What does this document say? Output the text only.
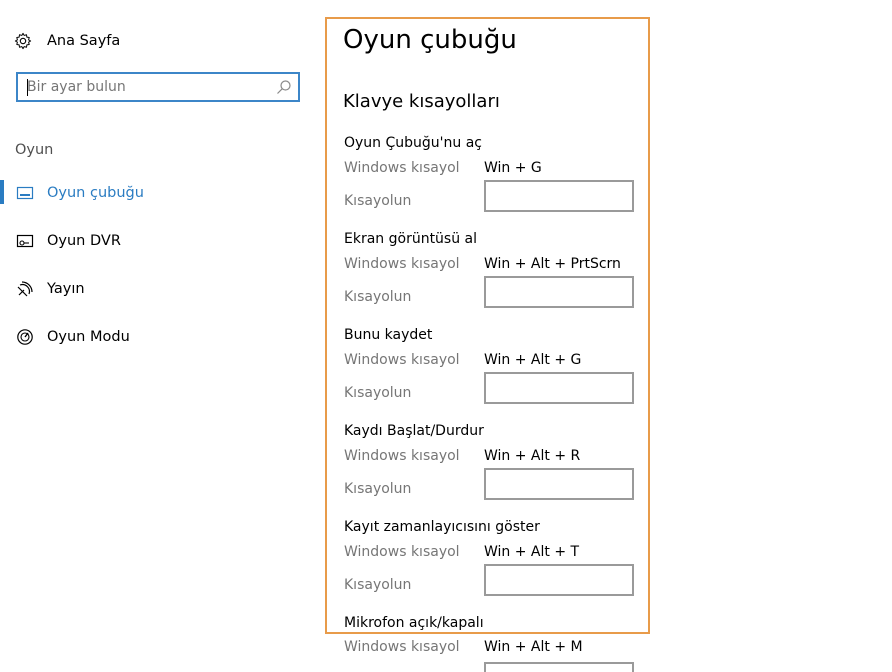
Ana Sayfa
Bir ayar bulun
Oyun
Oyun çubuğu
Oyun DVR
Yayın
Oyun Modu
Oyun çubuğu
Klavye kısayolları
Oyun Çubuğu'nu aç
Windows kısayol Win + G
Kısayolun
Ekran görüntüsü al
Windows kısayol Win + Alt + PrtScrn
Kısayolun
Bunu kaydet
Windows kısayol Win + Alt + G
Kısayolun
Kaydı Başlat/Durdur
Windows kısayol Win + Alt + R
Kısayolun
Kayıt zamanlayıcısını göster
Windows kısayol Win + Alt + T
Kısayolun
Mikrofon açık/kapalı
Windows kısayol Win + Alt + M
